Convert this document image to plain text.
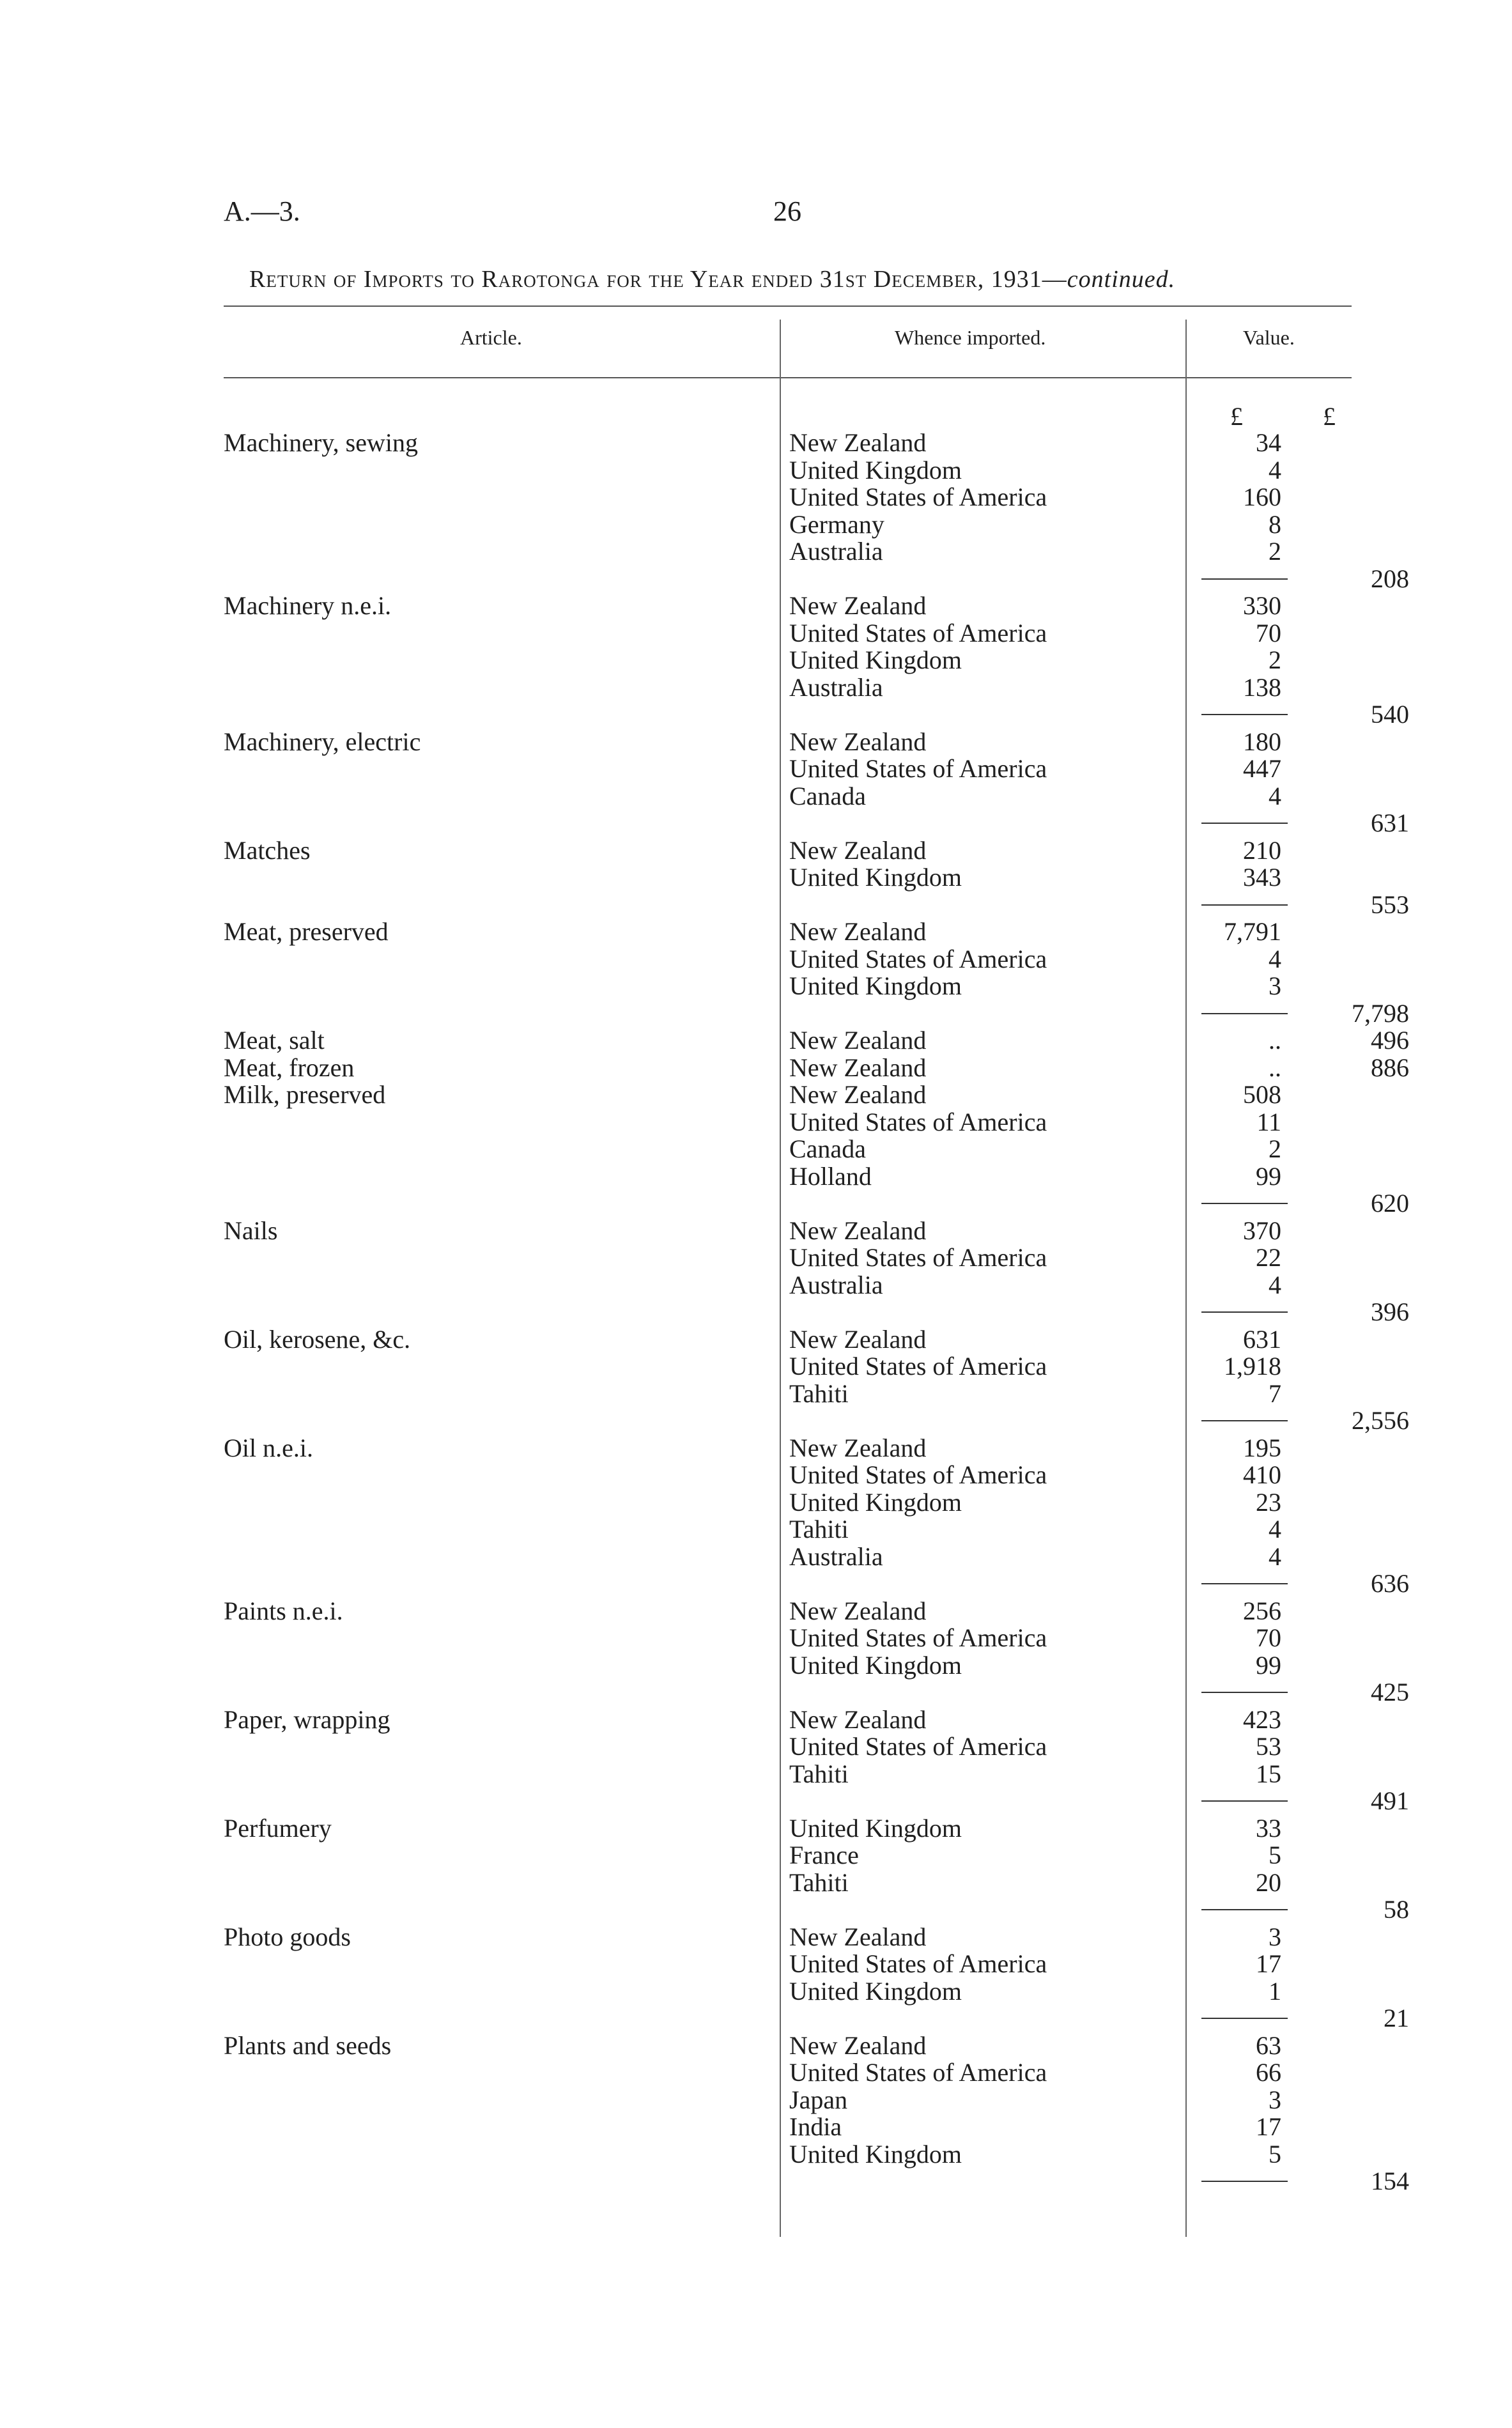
A.—3.	26
Return of Imports to Rarotonga for the Year ended 31st December, 1931—continued.
Article.	Whence imported.	Value.
£	£
Machinery, sewing	New Zealand	34
United Kingdom	4
United States of America	160
Germany	8
Australia	2
208
Machinery n.e.i.	New Zealand	330
United States of America	70
United Kingdom	2
Australia	138
540
Machinery, electric	New Zealand	180
United States of America	447
Canada	4
631
Matches	New Zealand	210
United Kingdom	343
553
Meat, preserved	New Zealand	7,791
United States of America	4
United Kingdom	3
7,798
Meat, salt	New Zealand	..	496
Meat, frozen	New Zealand	..	886
Milk, preserved	New Zealand	508
United States of America	11
Canada	2
Holland	99
620
Nails	New Zealand	370
United States of America	22
Australia	4
396
Oil, kerosene, &c.	New Zealand	631
United States of America	1,918
Tahiti	7
2,556
Oil n.e.i.	New Zealand	195
United States of America	410
United Kingdom	23
Tahiti	4
Australia	4
636
Paints n.e.i.	New Zealand	256
United States of America	70
United Kingdom	99
425
Paper, wrapping	New Zealand	423
United States of America	53
Tahiti	15
491
Perfumery	United Kingdom	33
France	5
Tahiti	20
58
Photo goods	New Zealand	3
United States of America	17
United Kingdom	1
21
Plants and seeds	New Zealand	63
United States of America	66
Japan	3
India	17
United Kingdom	5
154
